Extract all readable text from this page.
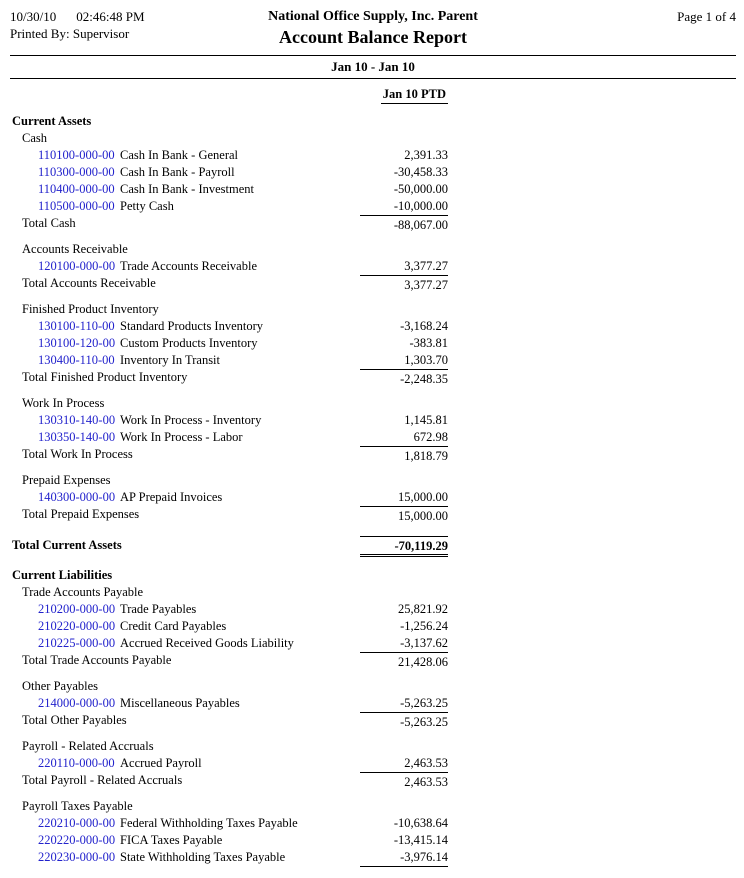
10/30/10 02:46:48 PM
Printed By: Supervisor
National Office Supply, Inc. Parent
Account Balance Report
Page 1 of 4
Jan 10 - Jan 10
Jan 10 PTD
Current Assets
Cash
110100-000-00 Cash In Bank - General	2,391.33
110300-000-00 Cash In Bank - Payroll	-30,458.33
110400-000-00 Cash In Bank - Investment	-50,000.00
110500-000-00 Petty Cash	-10,000.00
Total Cash	-88,067.00
Accounts Receivable
120100-000-00 Trade Accounts Receivable	3,377.27
Total Accounts Receivable	3,377.27
Finished Product Inventory
130100-110-00 Standard Products Inventory	-3,168.24
130100-120-00 Custom Products Inventory	-383.81
130400-110-00 Inventory In Transit	1,303.70
Total Finished Product Inventory	-2,248.35
Work In Process
130310-140-00 Work In Process - Inventory	1,145.81
130350-140-00 Work In Process - Labor	672.98
Total Work In Process	1,818.79
Prepaid Expenses
140300-000-00 AP Prepaid Invoices	15,000.00
Total Prepaid Expenses	15,000.00
Total Current Assets	-70,119.29
Current Liabilities
Trade Accounts Payable
210200-000-00 Trade Payables	25,821.92
210220-000-00 Credit Card Payables	-1,256.24
210225-000-00 Accrued Received Goods Liability	-3,137.62
Total Trade Accounts Payable	21,428.06
Other Payables
214000-000-00 Miscellaneous Payables	-5,263.25
Total Other Payables	-5,263.25
Payroll - Related Accruals
220110-000-00 Accrued Payroll	2,463.53
Total Payroll - Related Accruals	2,463.53
Payroll Taxes Payable
220210-000-00 Federal Withholding Taxes Payable	-10,638.64
220220-000-00 FICA Taxes Payable	-13,415.14
220230-000-00 State Withholding Taxes Payable	-3,976.14
